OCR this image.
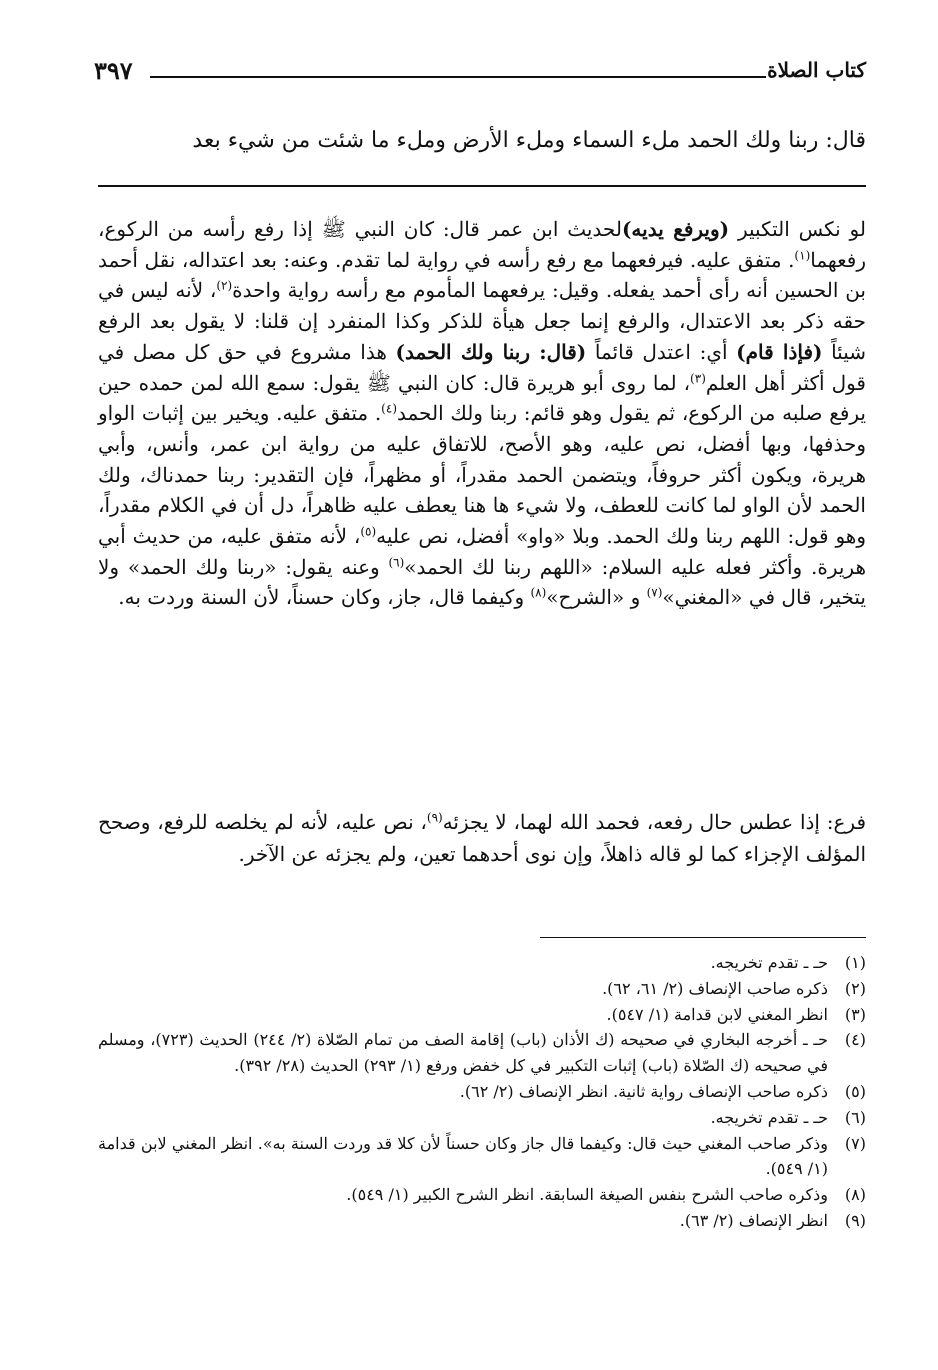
كتاب الصلاة
٣٩٧
قال: ربنا ولك الحمد ملء السماء وملء الأرض وملء ما شئت من شيء بعد

لو نكس التكبير (ويرفع يديه)لحديث ابن عمر قال: كان النبي ﷺ إذا رفع رأسه من الركوع، رفعهما$^{(١)}$. متفق عليه. فيرفعهما مع رفع رأسه في رواية لما تقدم. وعنه: بعد اعتداله، نقل أحمد بن الحسين أنه رأى أحمد يفعله. وقيل: يرفعهما المأموم مع رأسه رواية واحدة$^{(٢)}$، لأنه ليس في حقه ذكر بعد الاعتدال، والرفع إنما جعل هيأة للذكر وكذا المنفرد إن قلنا: لا يقول بعد الرفع شيئاً (فإذا قام) أي: اعتدل قائماً (قال: ربنا ولك الحمد) هذا مشروع في حق كل مصل في قول أكثر أهل العلم$^{(٣)}$، لما روى أبو هريرة قال: كان النبي ﷺ يقول: سمع الله لمن حمده حين يرفع صلبه من الركوع، ثم يقول وهو قائم: ربنا ولك الحمد$^{(٤)}$. متفق عليه. ويخير بين إثبات الواو وحذفها، وبها أفضل، نص عليه، وهو الأصح، للاتفاق عليه من رواية ابن عمر، وأنس، وأبي هريرة، ويكون أكثر حروفاً، ويتضمن الحمد مقدراً، أو مظهراً، فإن التقدير: ربنا حمدناك، ولك الحمد لأن الواو لما كانت للعطف، ولا شيء ها هنا يعطف عليه ظاهراً، دل أن في الكلام مقدراً، وهو قول: اللهم ربنا ولك الحمد. وبلا «واو» أفضل، نص عليه$^{(٥)}$، لأنه متفق عليه، من حديث أبي هريرة. وأكثر فعله عليه السلام: «اللهم ربنا لك الحمد»$^{(٦)}$ وعنه يقول: «ربنا ولك الحمد» ولا يتخير، قال في «المغني»$^{(٧)}$ و «الشرح»$^{(٨)}$ وكيفما قال، جاز، وكان حسناً، لأن السنة وردت به.

فرع: إذا عطس حال رفعه، فحمد الله لهما، لا يجزئه$^{(٩)}$، نص عليه، لأنه لم يخلصه للرفع، وصحح المؤلف الإجزاء كما لو قاله ذاهلاً، وإن نوى أحدهما تعين، ولم يجزئه عن الآخر.

(١)
حـ ـ تقدم تخريجه.
(٢)
ذكره صاحب الإنصاف (٢/ ٦١، ٦٢).
(٣)
انظر المغني لابن قدامة (١/ ٥٤٧).
(٤)
حـ ـ أخرجه البخاري في صحيحه (ك الأذان (باب) إقامة الصف من تمام الصّلاة (٢/ ٢٤٤) الحديث (٧٢٣)، ومسلم في صحيحه (ك الصّلاة (باب) إثبات التكبير في كل خفض ورفع (١/ ٢٩٣) الحديث (٢٨/ ٣٩٢).
(٥)
ذكره صاحب الإنصاف رواية ثانية. انظر الإنصاف (٢/ ٦٢).
(٦)
حـ ـ تقدم تخريجه.
(٧)
وذكر صاحب المغني حيث قال: وكيفما قال جاز وكان حسناً لأن كلا قد وردت السنة به». انظر المغني لابن قدامة (١/ ٥٤٩).
(٨)
وذكره صاحب الشرح بنفس الصيغة السابقة. انظر الشرح الكبير (١/ ٥٤٩).
(٩)
انظر الإنصاف (٢/ ٦٣).
